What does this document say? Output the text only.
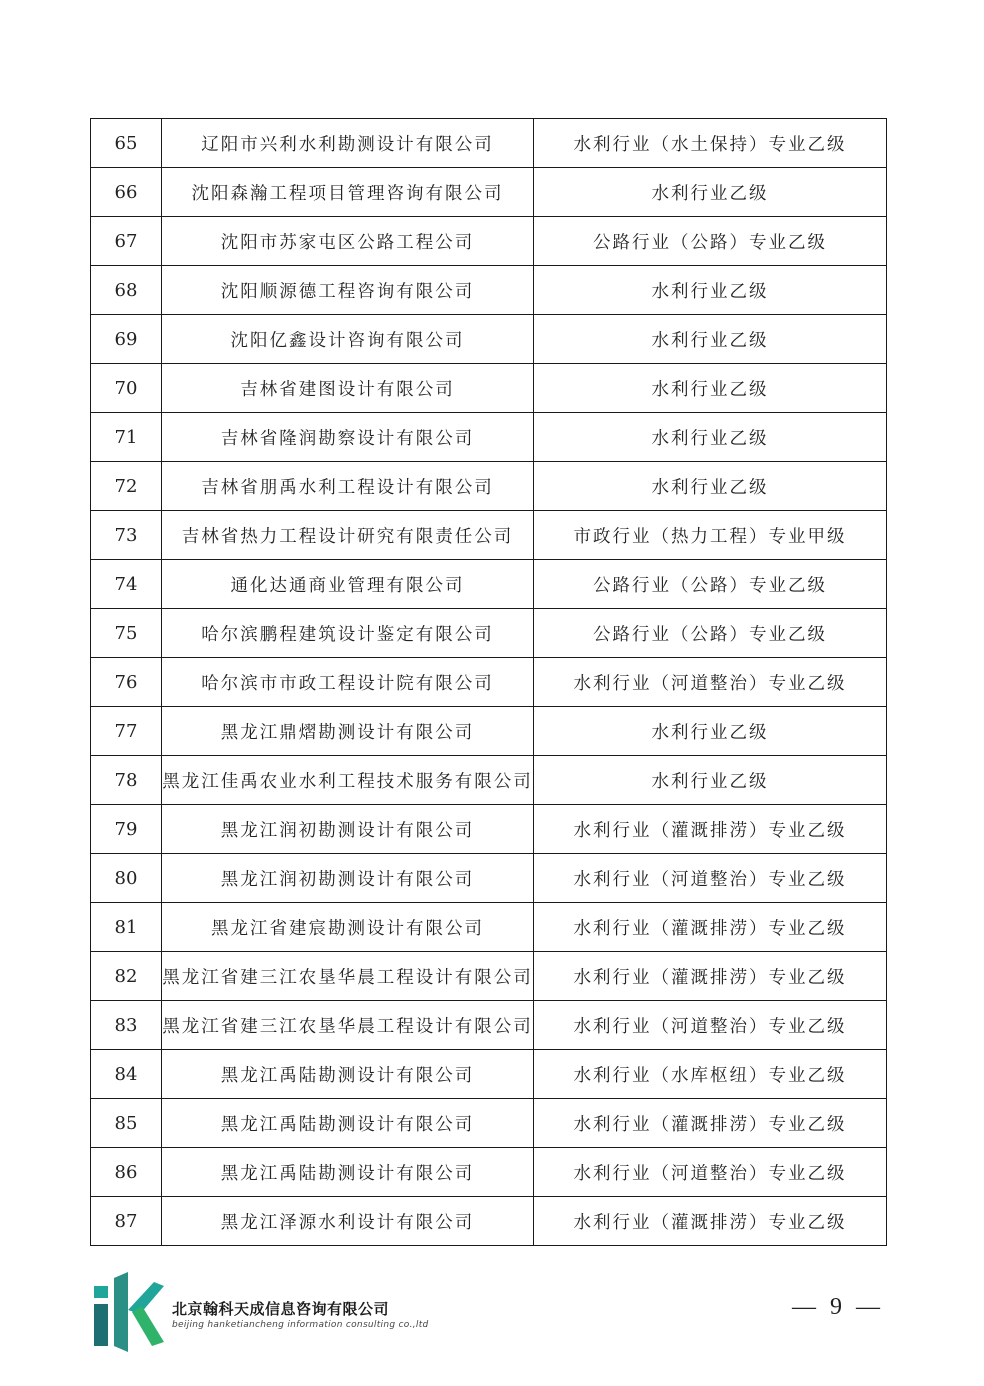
65	辽阳市兴利水利勘测设计有限公司	水利行业（水土保持）专业乙级
66	沈阳森瀚工程项目管理咨询有限公司	水利行业乙级
67	沈阳市苏家屯区公路工程公司	公路行业（公路）专业乙级
68	沈阳顺源德工程咨询有限公司	水利行业乙级
69	沈阳亿鑫设计咨询有限公司	水利行业乙级
70	吉林省建图设计有限公司	水利行业乙级
71	吉林省隆润勘察设计有限公司	水利行业乙级
72	吉林省朋禹水利工程设计有限公司	水利行业乙级
73	吉林省热力工程设计研究有限责任公司	市政行业（热力工程）专业甲级
74	通化达通商业管理有限公司	公路行业（公路）专业乙级
75	哈尔滨鹏程建筑设计鉴定有限公司	公路行业（公路）专业乙级
76	哈尔滨市市政工程设计院有限公司	水利行业（河道整治）专业乙级
77	黑龙江鼎熠勘测设计有限公司	水利行业乙级
78	黑龙江佳禹农业水利工程技术服务有限公司	水利行业乙级
79	黑龙江润初勘测设计有限公司	水利行业（灌溉排涝）专业乙级
80	黑龙江润初勘测设计有限公司	水利行业（河道整治）专业乙级
81	黑龙江省建宸勘测设计有限公司	水利行业（灌溉排涝）专业乙级
82	黑龙江省建三江农垦华晨工程设计有限公司	水利行业（灌溉排涝）专业乙级
83	黑龙江省建三江农垦华晨工程设计有限公司	水利行业（河道整治）专业乙级
84	黑龙江禹陆勘测设计有限公司	水利行业（水库枢纽）专业乙级
85	黑龙江禹陆勘测设计有限公司	水利行业（灌溉排涝）专业乙级
86	黑龙江禹陆勘测设计有限公司	水利行业（河道整治）专业乙级
87	黑龙江泽源水利设计有限公司	水利行业（灌溉排涝）专业乙级
北京翰科天成信息咨询有限公司
beijing hanketiancheng information consulting co.,ltd
— 9 —
